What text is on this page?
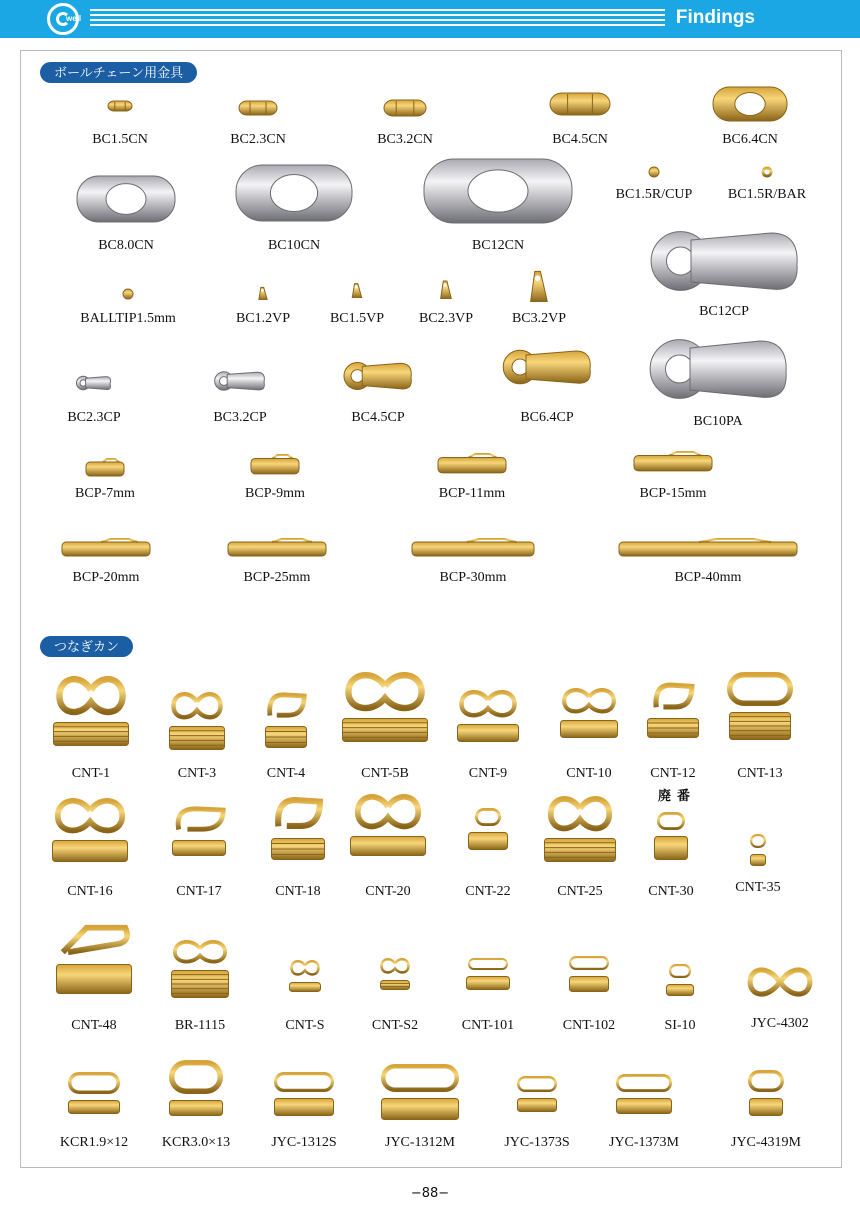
well	Findings
ボールチェーン用金具
つなぎカン
BC1.5CN	BC2.3CN	BC3.2CN	BC4.5CN	BC6.4CN
BC8.0CN	BC10CN	BC12CN
BC1.5R/CUP	BC1.5R/BAR
BC12CP
BALLTIP1.5mm	BC1.2VP	BC1.5VP BC2.3VP	BC3.2VP
BC2.3CP	BC3.2CP	BC4.5CP	BC6.4CP	BC10PA
BCP-7mm	BCP-9mm	BCP-11mm	BCP-15mm
BCP-20mm	BCP-25mm	BCP-30mm	BCP-40mm
CNT-1	CNT-3	CNT-4	CNT-5B	CNT-9	CNT-10	CNT-12	CNT-13
CNT-16	CNT-17	CNT-18	CNT-20	CNT-22	CNT-25	CNT-30	CNT-35
CNT-48	BR-1115	CNT-S	CNT-S2	CNT-101	CNT-102	SI-10	JYC-4302
KCR1.9×12 KCR3.0×13	JYC-1312S	JYC-1312M	JYC-1373S	JYC-1373M	JYC-4319M
廃番
−88−
